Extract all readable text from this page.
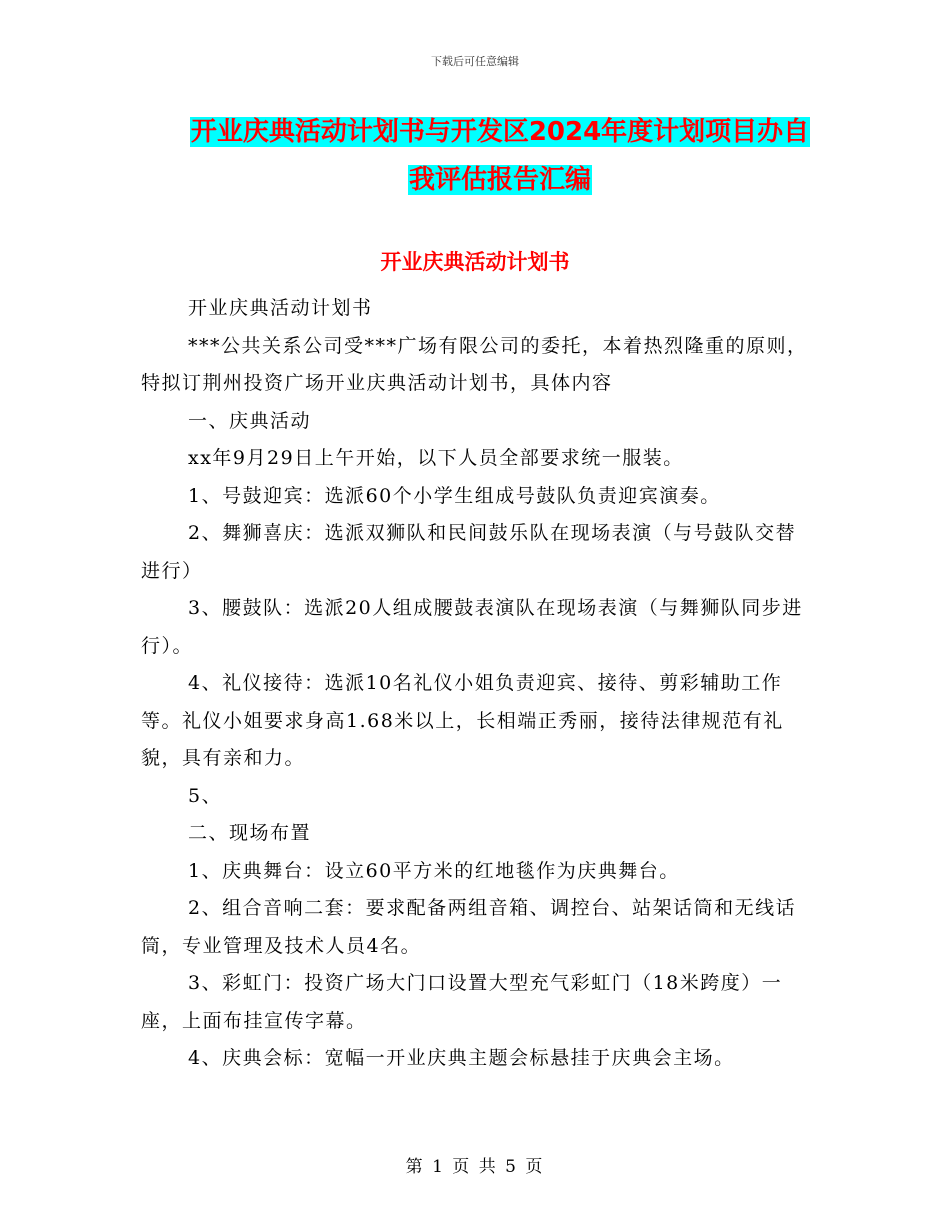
下载后可任意编辑
开业庆典活动计划书与开发区2024年度计划项目办自
我评估报告汇编
开业庆典活动计划书

开业庆典活动计划书

***公共关系公司受***广场有限公司的委托，本着热烈隆重的原则，特拟订荆州投资广场开业庆典活动计划书，具体内容

一、庆典活动

xx年9月29日上午开始，以下人员全部要求统一服装。

1、号鼓迎宾：选派60个小学生组成号鼓队负责迎宾演奏。

2、舞狮喜庆：选派双狮队和民间鼓乐队在现场表演（与号鼓队交替进行）

3、腰鼓队：选派20人组成腰鼓表演队在现场表演（与舞狮队同步进行）。

4、礼仪接待：选派10名礼仪小姐负责迎宾、接待、剪彩辅助工作等。礼仪小姐要求身高1.68米以上，长相端正秀丽，接待法律规范有礼貌，具有亲和力。

5、

二、现场布置

1、庆典舞台：设立60平方米的红地毯作为庆典舞台。

2、组合音响二套：要求配备两组音箱、调控台、站架话筒和无线话筒，专业管理及技术人员4名。

3、彩虹门：投资广场大门口设置大型充气彩虹门（18米跨度）一座，上面布挂宣传字幕。

4、庆典会标：宽幅一开业庆典主题会标悬挂于庆典会主场。

第 1 页 共 5 页
